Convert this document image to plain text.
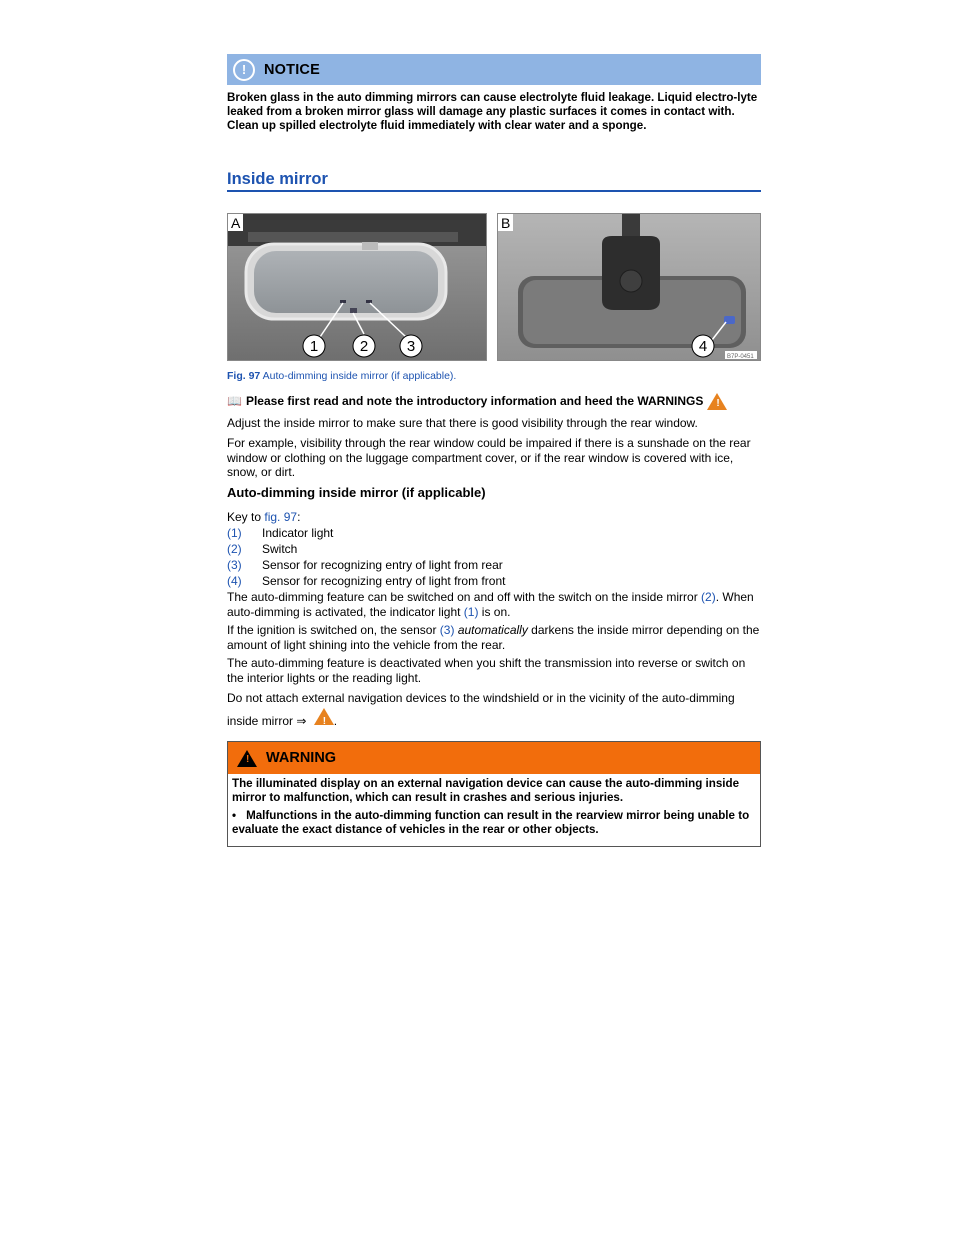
!	NOTICE

Broken glass in the auto dimming mirrors can cause electrolyte fluid leakage. Liquid electro-lyte leaked from a broken mirror glass will damage any plastic surfaces it comes in contact with. Clean up spilled electrolyte fluid immediately with clear water and a sponge.

Inside mirror
A
1	2	3
B
4
B7P-0451
Fig. 97 Auto-dimming inside mirror (if applicable).
📖 Please first read and note the introductory information and heed the WARNINGS !

Adjust the inside mirror to make sure that there is good visibility through the rear window.

For example, visibility through the rear window could be impaired if there is a sunshade on the rear window or clothing on the luggage compartment cover, or if the rear window is covered with ice, snow, or dirt.

Auto-dimming inside mirror (if applicable)
Key to fig. 97:
(1)	Indicator light
(2)	Switch
(3)	Sensor for recognizing entry of light from rear
(4)	Sensor for recognizing entry of light from front

The auto-dimming feature can be switched on and off with the switch on the inside mirror (2). When auto-dimming is activated, the indicator light (1) is on.

If the ignition is switched on, the sensor (3) automatically darkens the inside mirror depending on the amount of light shining into the vehicle from the rear.

The auto-dimming feature is deactivated when you shift the transmission into reverse or switch on the interior lights or the reading light.

Do not attach external navigation devices to the windshield or in the vicinity of the auto-dimming inside mirror ⇒ ! .

! WARNING

The illuminated display on an external navigation device can cause the auto-dimming inside mirror to malfunction, which can result in crashes and serious injuries.

• Malfunctions in the auto-dimming function can result in the rearview mirror being unable to evaluate the exact distance of vehicles in the rear or other objects.
